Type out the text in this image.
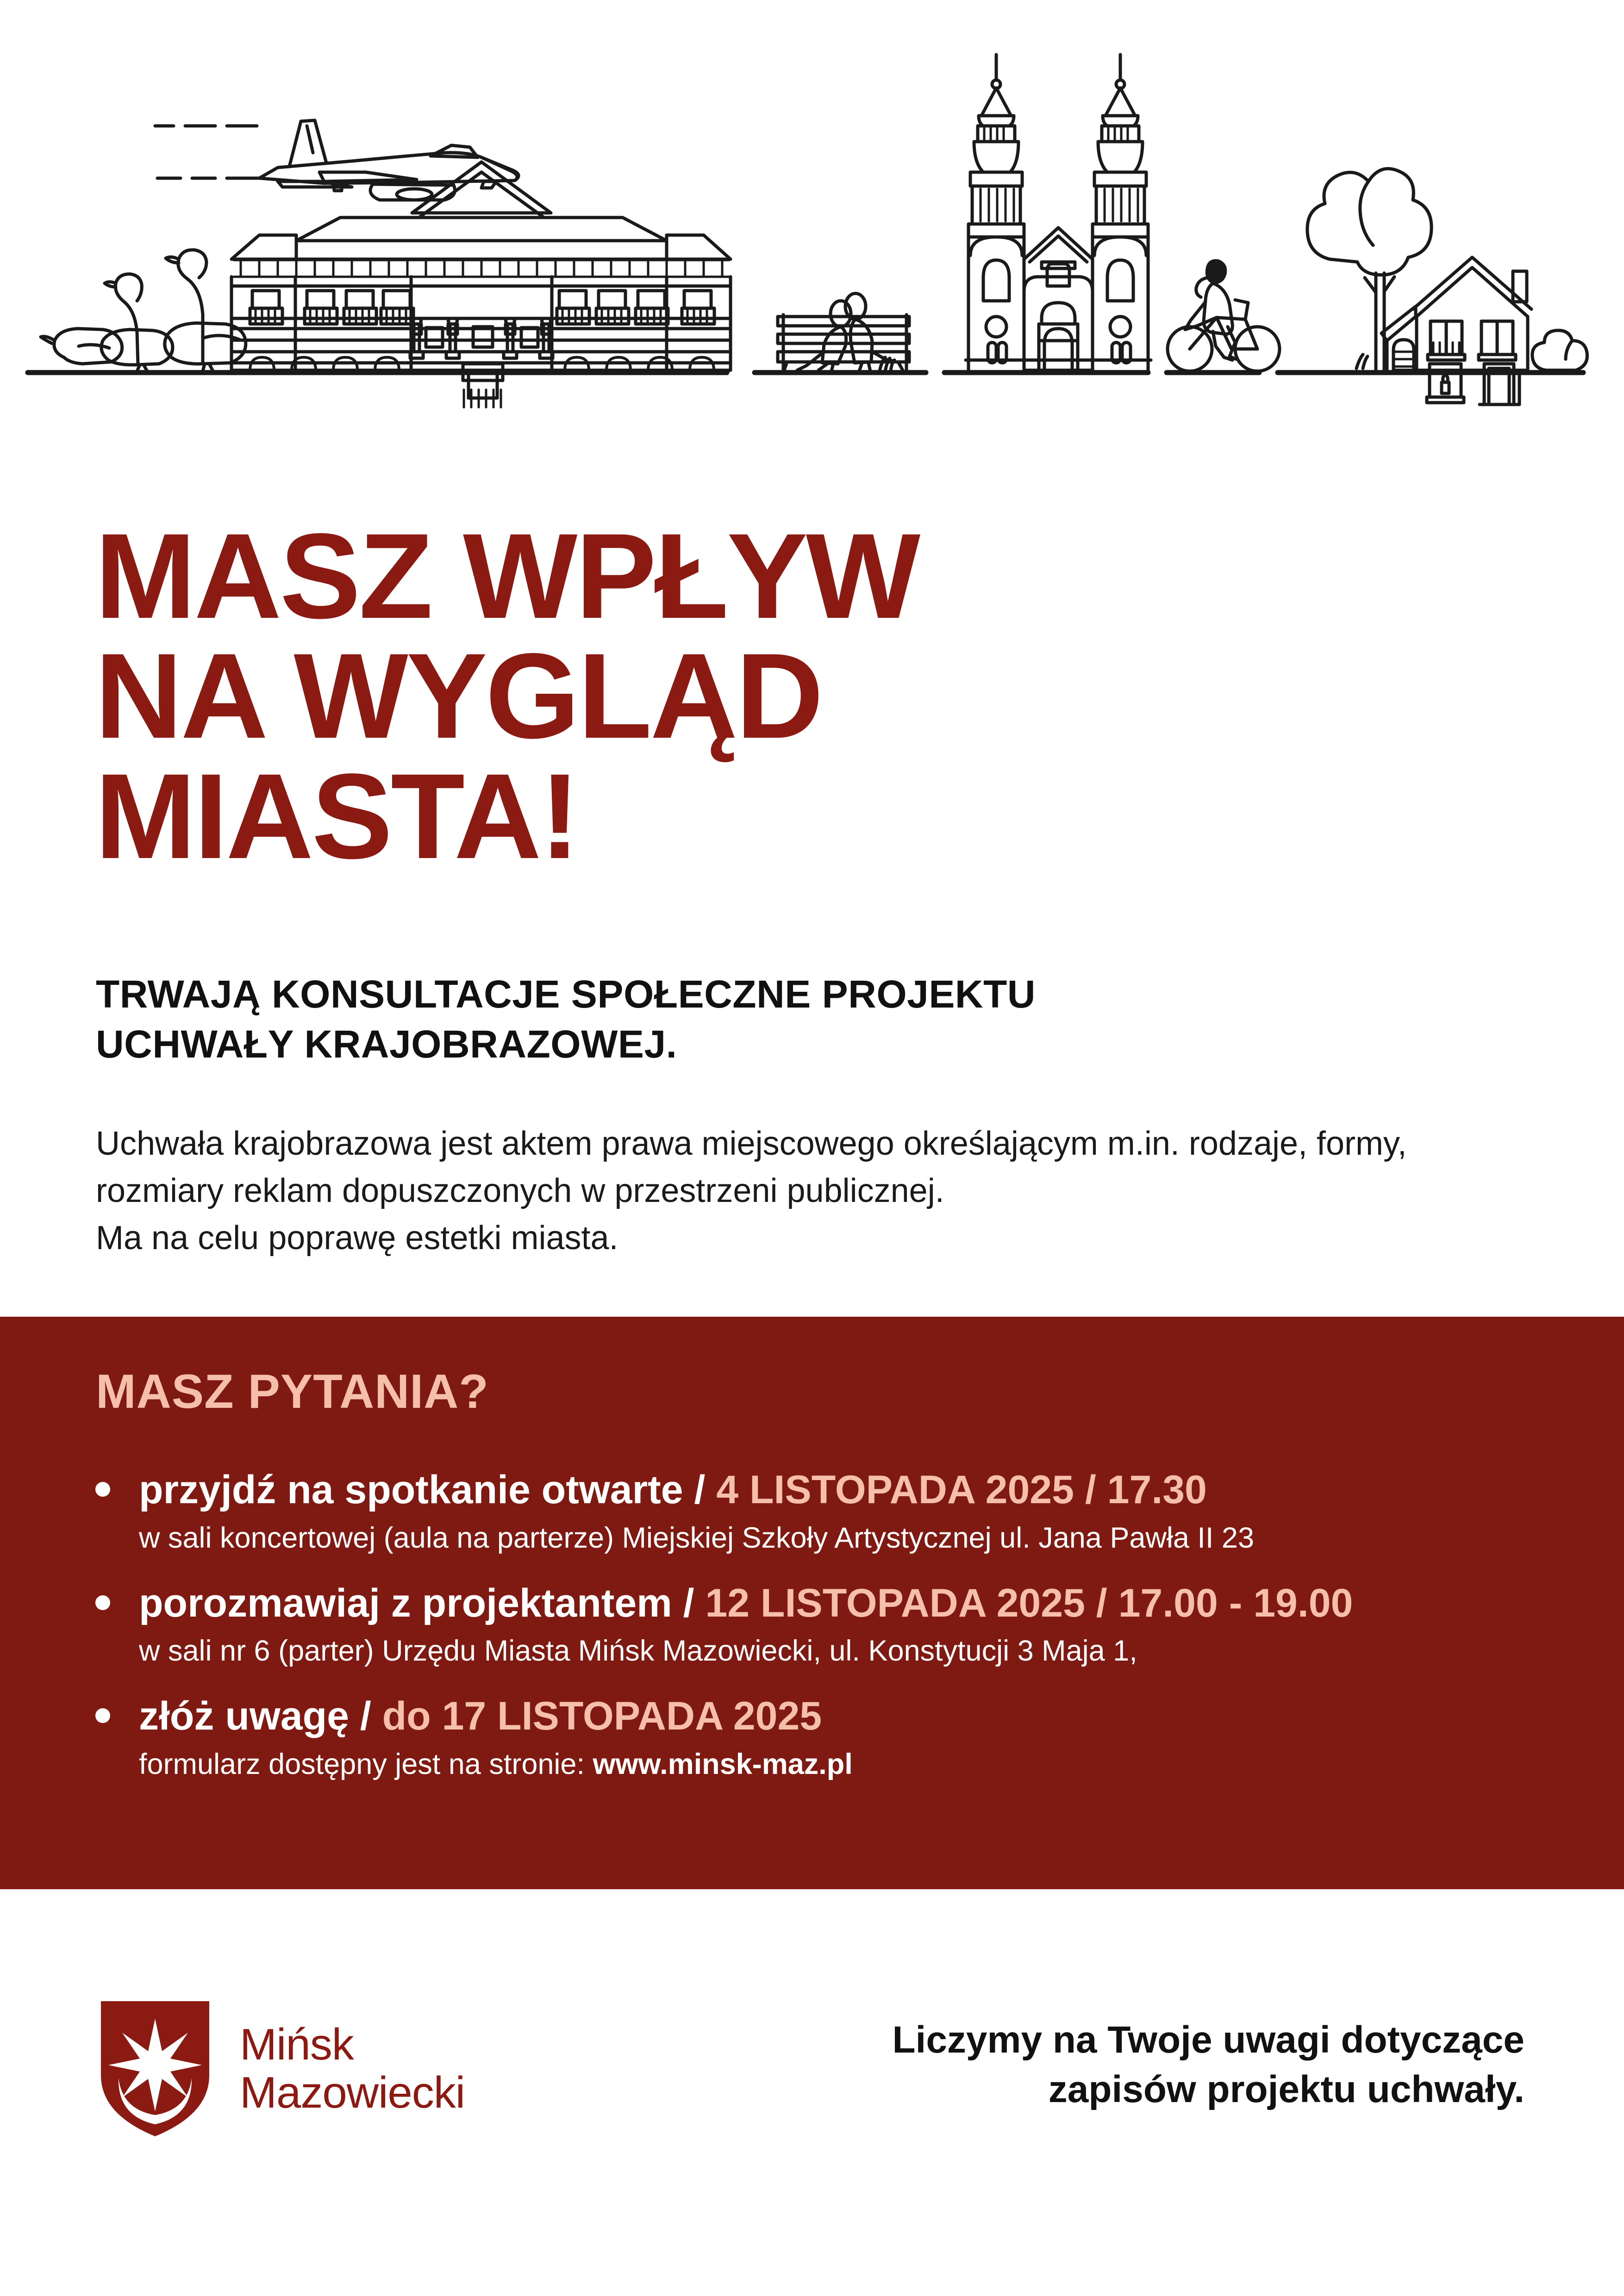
MASZ WPŁYW
NA WYGLĄD
MIASTA!
TRWAJĄ KONSULTACJE SPOŁECZNE PROJEKTU
UCHWAŁY KRAJOBRAZOWEJ.
Uchwała krajobrazowa jest aktem prawa miejscowego określającym m.in. rodzaje, formy,
rozmiary reklam dopuszczonych w przestrzeni publicznej.
Ma na celu poprawę estetki miasta.
MASZ PYTANIA?
przyjdź na spotkanie otwarte / 4 LISTOPADA 2025 / 17.30
w sali koncertowej (aula na parterze) Miejskiej Szkoły Artystycznej ul. Jana Pawła II 23
porozmawiaj z projektantem / 12 LISTOPADA 2025 / 17.00 - 19.00
w sali nr 6 (parter) Urzędu Miasta Mińsk Mazowiecki, ul. Konstytucji 3 Maja 1,
złóż uwagę / do 17 LISTOPADA 2025
formularz dostępny jest na stronie: www.minsk-maz.pl
Mińsk
Mazowiecki
Liczymy na Twoje uwagi dotyczące
zapisów projektu uchwały.
